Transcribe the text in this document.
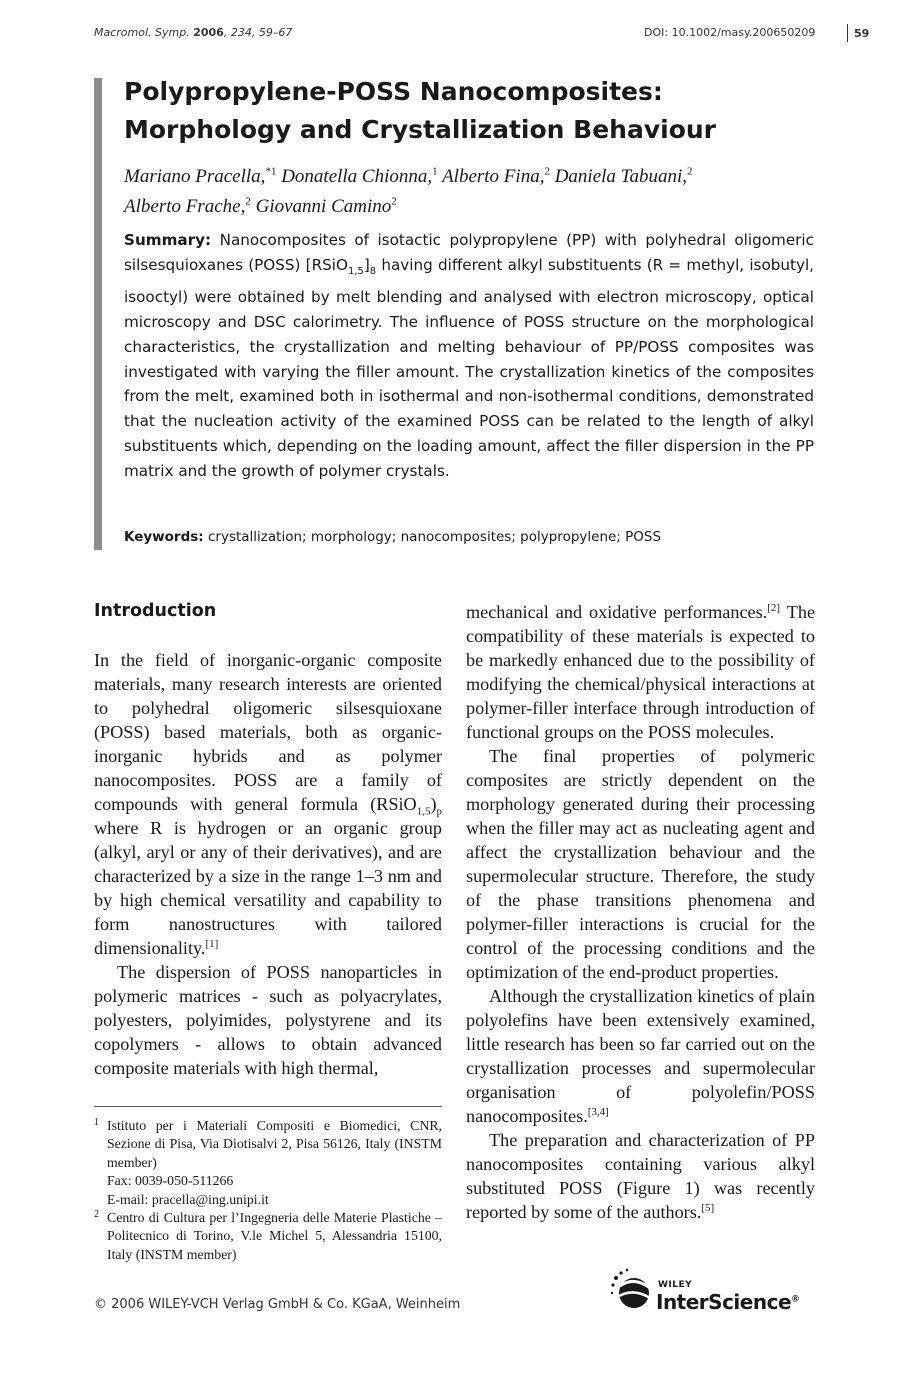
Macromol. Symp. 2006, 234, 59–67	DOI: 10.1002/masy.200650209	59
Polypropylene-POSS Nanocomposites: Morphology and Crystallization Behaviour
Mariano Pracella,$^{*1}$ Donatella Chionna,$^1$ Alberto Fina,$^2$ Daniela Tabuani,$^2$
Alberto Frache,$^2$ Giovanni Camino$^2$

Summary: Nanocomposites of isotactic polypropylene (PP) with polyhedral oligomeric silsesquioxanes (POSS) $[RSiO_{1,5}]_8$ having different alkyl substituents (R = methyl, isobutyl, isooctyl) were obtained by melt blending and analysed with electron microscopy, optical microscopy and DSC calorimetry. The influence of POSS structure on the morphological characteristics, the crystallization and melting behaviour of PP/POSS composites was investigated with varying the filler amount. The crystallization kinetics of the composites from the melt, examined both in isothermal and non-isothermal conditions, demonstrated that the nucleation activity of the examined POSS can be related to the length of alkyl substituents which, depending on the loading amount, affect the filler dispersion in the PP matrix and the growth of polymer crystals.

Keywords: crystallization; morphology; nanocomposites; polypropylene; POSS
Introduction

In the field of inorganic-organic composite materials, many research interests are oriented to polyhedral oligomeric silsesquioxane (POSS) based materials, both as organic-inorganic hybrids and as polymer nanocomposites. POSS are a family of compounds with general formula $(RSiO_{1,5})_p$ where R is hydrogen or an organic group (alkyl, aryl or any of their derivatives), and are characterized by a size in the range 1–3 nm and by high chemical versatility and capability to form nanostructures with tailored dimensionality.[1]

The dispersion of POSS nanoparticles in polymeric matrices - such as polyacrylates, polyesters, polyimides, polystyrene and its copolymers - allows to obtain advanced composite materials with high thermal,

mechanical and oxidative performances.[2] The compatibility of these materials is expected to be markedly enhanced due to the possibility of modifying the chemical/physical interactions at polymer-filler interface through introduction of functional groups on the POSS molecules.

The final properties of polymeric composites are strictly dependent on the morphology generated during their processing when the filler may act as nucleating agent and affect the crystallization behaviour and the supermolecular structure. Therefore, the study of the phase transitions phenomena and polymer-filler interactions is crucial for the control of the processing conditions and the optimization of the end-product properties.

Although the crystallization kinetics of plain polyolefins have been extensively examined, little research has been so far carried out on the crystallization processes and supermolecular organisation of polyolefin/POSS nanocomposites.[3,4]

The preparation and characterization of PP nanocomposites containing various alkyl substituted POSS (Figure 1) was recently reported by some of the authors.[5]

1 Istituto per i Materiali Compositi e Biomedici, CNR, Sezione di Pisa, Via Diotisalvi 2, Pisa 56126, Italy (INSTM member)
Fax: 0039-050-511266
E-mail: pracella@ing.unipi.it
2 Centro di Cultura per l’Ingegneria delle Materie Plastiche – Politecnico di Torino, V.le Michel 5, Alessandria 15100, Italy (INSTM member)
© 2006 WILEY-VCH Verlag GmbH & Co. KGaA, Weinheim
WILEY
InterScience®
